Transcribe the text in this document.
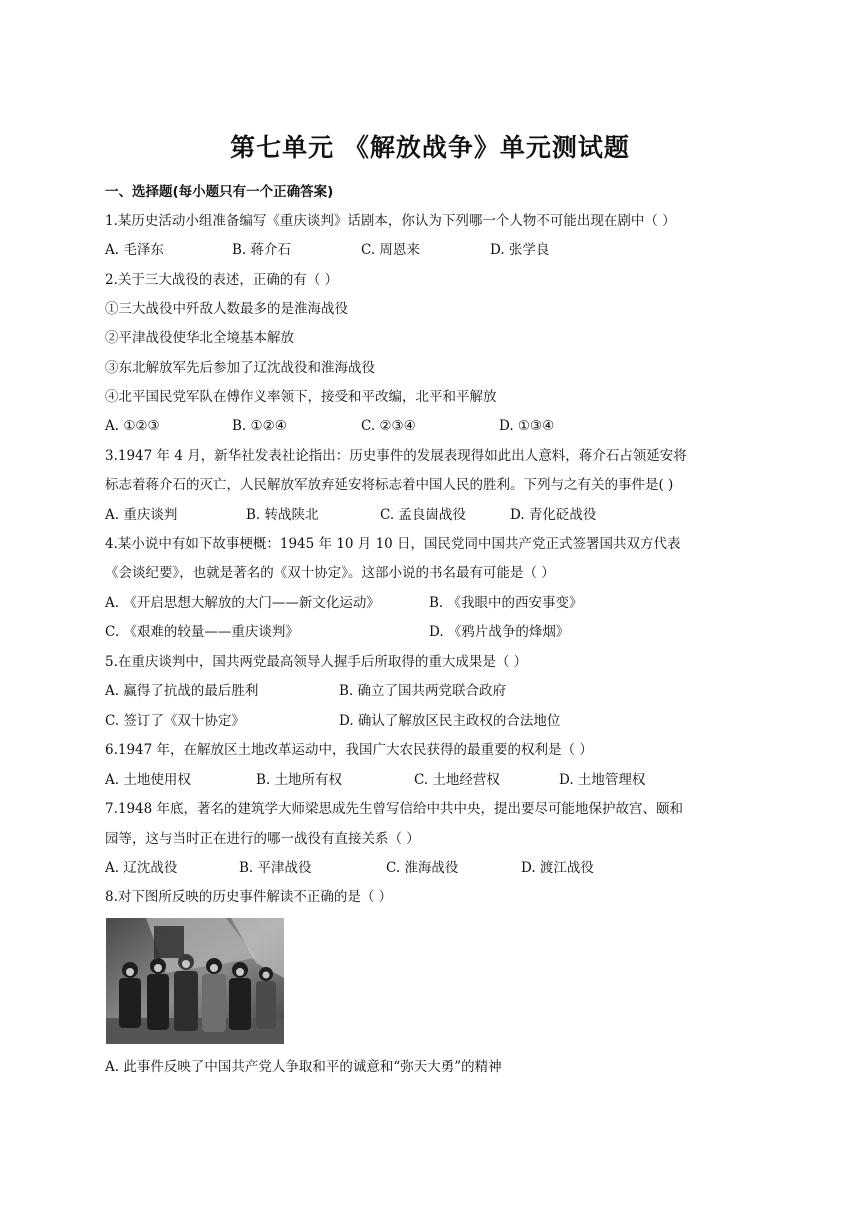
第七单元 《解放战争》单元测试题
一、选择题(每小题只有一个正确答案)
1.某历史活动小组准备编写《重庆谈判》话剧本，你认为下列哪一个人物不可能出现在剧中（ ）
A. 毛泽东	B. 蒋介石	C. 周恩来	D. 张学良
2.关于三大战役的表述，正确的有（ ）
①三大战役中歼敌人数最多的是淮海战役
②平津战役使华北全境基本解放
③东北解放军先后参加了辽沈战役和淮海战役
④北平国民党军队在傅作义率领下，接受和平改编，北平和平解放
A. ①②③	B. ①②④	C. ②③④	D. ①③④
3.1947 年 4 月，新华社发表社论指出：历史事件的发展表现得如此出人意料，蒋介石占领延安将
标志着蒋介石的灭亡，人民解放军放弃延安将标志着中国人民的胜利。下列与之有关的事件是( )
A. 重庆谈判	B. 转战陕北	C. 孟良崮战役	D. 青化砭战役
4.某小说中有如下故事梗概：1945 年 10 月 10 日，国民党同中国共产党正式签署国共双方代表
《会谈纪要》，也就是著名的《双十协定》。这部小说的书名最有可能是（ ）
A. 《开启思想大解放的大门——新文化运动》	B. 《我眼中的西安事变》
C. 《艰难的较量——重庆谈判》	D. 《鸦片战争的烽烟》
5.在重庆谈判中，国共两党最高领导人握手后所取得的重大成果是（ ）
A. 赢得了抗战的最后胜利	B. 确立了国共两党联合政府
C. 签订了《双十协定》	D. 确认了解放区民主政权的合法地位
6.1947 年，在解放区土地改革运动中，我国广大农民获得的最重要的权利是（ ）
A. 土地使用权	B. 土地所有权	C. 土地经营权	D. 土地管理权
7.1948 年底，著名的建筑学大师梁思成先生曾写信给中共中央，提出要尽可能地保护故宫、颐和
园等，这与当时正在进行的哪一战役有直接关系（ ）
A. 辽沈战役	B. 平津战役	C. 淮海战役	D. 渡江战役
8.对下图所反映的历史事件解读不正确的是（ ）
A. 此事件反映了中国共产党人争取和平的诚意和“弥天大勇”的精神
